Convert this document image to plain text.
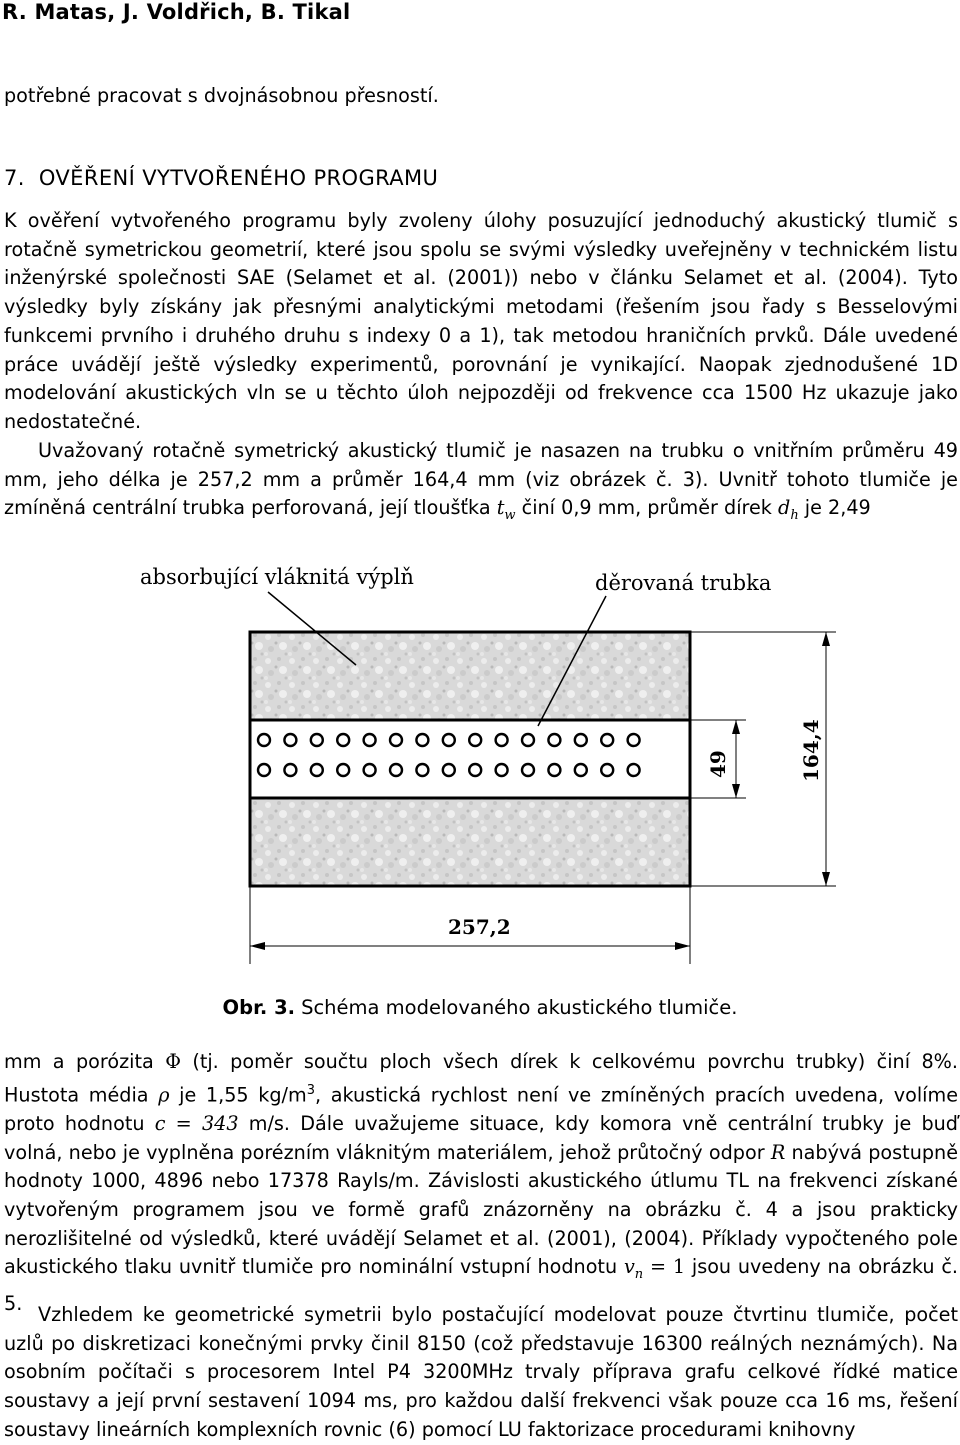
R. Matas, J. Voldřich, B. Tikal

potřebné pracovat s dvojnásobnou přesností.

7. OVĚŘENÍ VYTVOŘENÉHO PROGRAMU

K ověření vytvořeného programu byly zvoleny úlohy posuzující jednoduchý akustický tlumič s rotačně symetrickou geometrií, které jsou spolu se svými výsledky uveřejněny v technickém listu inženýrské společnosti SAE (Selamet et al. (2001)) nebo v článku Selamet et al. (2004). Tyto výsledky byly získány jak přesnými analytickými metodami (řešením jsou řady s Besselovými funkcemi prvního i druhého druhu s indexy 0 a 1), tak metodou hraničních prvků. Dále uvedené práce uvádějí ještě výsledky experimentů, porovnání je vynikající. Naopak zjednodušené 1D modelování akustických vln se u těchto úloh nejpozději od frekvence cca 1500 Hz ukazuje jako nedostatečné.

Uvažovaný rotačně symetrický akustický tlumič je nasazen na trubku o vnitřním průměru 49 mm, jeho délka je 257,2 mm a průměr 164,4 mm (viz obrázek č. 3). Uvnitř tohoto tlumiče je zmíněná centrální trubka perforovaná, její tloušťka $t_w$ činí 0,9 mm, průměr dírek $d_h$ je 2,49

absorbující vláknitá výplň	děrovaná trubka
257,2
49	164,4
Obr. 3. Schéma modelovaného akustického tlumiče.

mm a porózita Φ (tj. poměr součtu ploch všech dírek k celkovému povrchu trubky) činí 8%. Hustota média ρ je 1,55 $kg/m^3$, akustická rychlost není ve zmíněných pracích uvedena, volíme proto hodnotu c = 343 m/s. Dále uvažujeme situace, kdy komora vně centrální trubky je buď volná, nebo je vyplněna porézním vláknitým materiálem, jehož průtočný odpor R nabývá postupně hodnoty 1000, 4896 nebo 17378 Rayls/m. Závislosti akustického útlumu TL na frekvenci získané vytvořeným programem jsou ve formě grafů znázorněny na obrázku č. 4 a jsou prakticky nerozlišitelné od výsledků, které uvádějí Selamet et al. (2001), (2004). Příklady vypočteného pole akustického tlaku uvnitř tlumiče pro nominální vstupní hodnotu $v_n = 1$ jsou uvedeny na obrázku č. 5. Vzhledem ke geometrické symetrii bylo postačující modelovat pouze čtvrtinu tlumiče, počet uzlů po diskretizaci konečnými prvky činil 8150 (což představuje 16300 reálných neznámých). Na osobním počítači s procesorem Intel P4 3200MHz trvaly příprava grafu celkové řídké matice soustavy a její první sestavení 1094 ms, pro každou další frekvenci však pouze cca 16 ms, řešení soustavy lineárních komplexních rovnic (6) pomocí LU faktorizace procedurami knihovny
